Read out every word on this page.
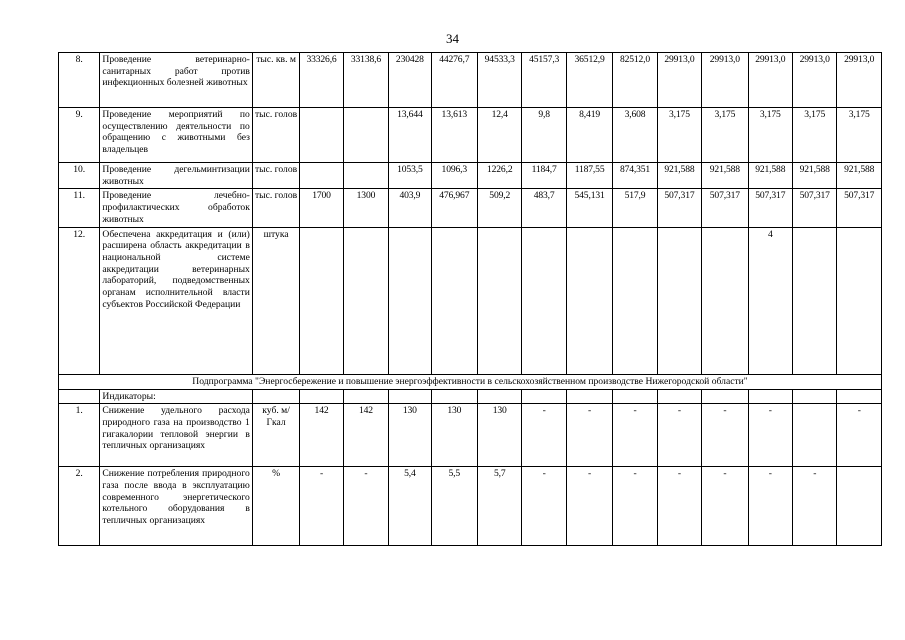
34
8.	Проведение ветеринарно-санитарных работ против инфекционных болезней животных	тыс. кв. м	33326,6	33138,6	230428	44276,7	94533,3	45157,3	36512,9	82512,0	29913,0	29913,0	29913,0	29913,0	29913,0
9.	Проведение мероприятий по осуществлению деятельности по обращению с животными без владельцев	тыс. голов			13,644	13,613	12,4	9,8	8,419	3,608	3,175	3,175	3,175	3,175	3,175
10.	Проведение дегельминтизации животных	тыс. голов			1053,5	1096,3	1226,2	1184,7	1187,55	874,351	921,588	921,588	921,588	921,588	921,588
11.	Проведение лечебно-профилактических обработок животных	тыс. голов	1700	1300	403,9	476,967	509,2	483,7	545,131	517,9	507,317	507,317	507,317	507,317	507,317
12.	Обеспечена аккредитация и (или) расширена область аккредитации в национальной системе аккредитации ветеринарных лабораторий, подведомственных органам исполнительной власти субъектов Российской Федерации	штука											4		
Подпрограмма "Энергосбережение и повышение энергоэффективности в сельскохозяйственном производстве Нижегородской области"															
	Индикаторы:														
1.	Снижение удельного расхода природного газа на производство 1 гигакалории тепловой энергии в тепличных организациях	куб. м/Гкал	142	142	130	130	130	-	-	-	-	-	-		-
2.	Снижение потребления природного газа после ввода в эксплуатацию современного энергетического котельного оборудования в тепличных организациях	%	-	-	5,4	5,5	5,7	-	-	-	-	-	-	-	
